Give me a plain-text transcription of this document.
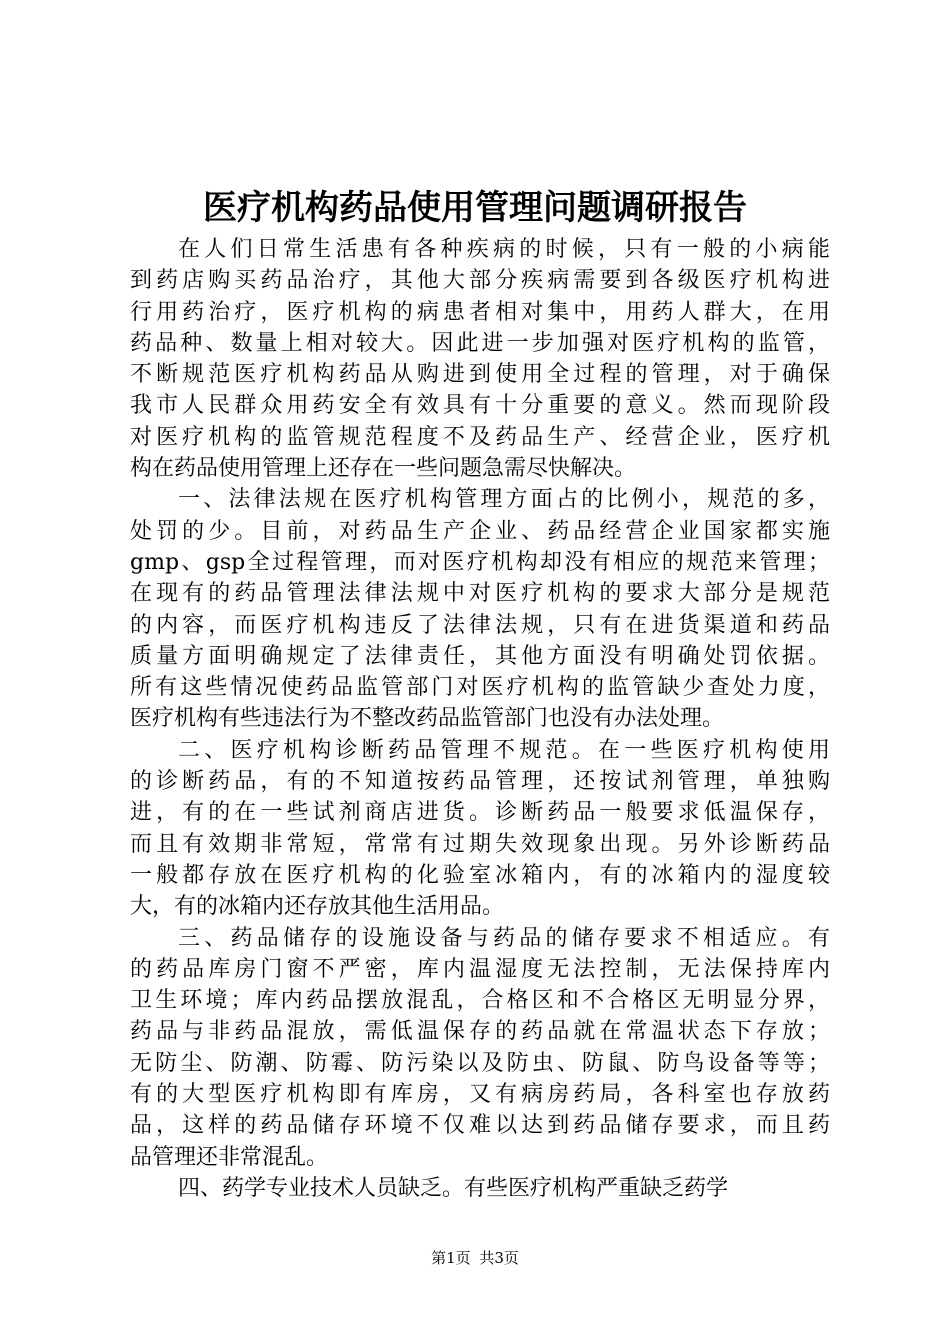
医疗机构药品使用管理问题调研报告
在人们日常生活患有各种疾病的时候，只有一般的小病能
到药店购买药品治疗，其他大部分疾病需要到各级医疗机构进
行用药治疗，医疗机构的病患者相对集中，用药人群大，在用
药品种、数量上相对较大。因此进一步加强对医疗机构的监管，
不断规范医疗机构药品从购进到使用全过程的管理，对于确保
我市人民群众用药安全有效具有十分重要的意义。然而现阶段
对医疗机构的监管规范程度不及药品生产、经营企业，医疗机
构在药品使用管理上还存在一些问题急需尽快解决。
一、法律法规在医疗机构管理方面占的比例小，规范的多，
处罚的少。目前，对药品生产企业、药品经营企业国家都实施
gmp、gsp全过程管理，而对医疗机构却没有相应的规范来管理；
在现有的药品管理法律法规中对医疗机构的要求大部分是规范
的内容，而医疗机构违反了法律法规，只有在进货渠道和药品
质量方面明确规定了法律责任，其他方面没有明确处罚依据。
所有这些情况使药品监管部门对医疗机构的监管缺少查处力度，
医疗机构有些违法行为不整改药品监管部门也没有办法处理。
二、医疗机构诊断药品管理不规范。在一些医疗机构使用
的诊断药品，有的不知道按药品管理，还按试剂管理，单独购
进，有的在一些试剂商店进货。诊断药品一般要求低温保存，
而且有效期非常短，常常有过期失效现象出现。另外诊断药品
一般都存放在医疗机构的化验室冰箱内，有的冰箱内的湿度较
大，有的冰箱内还存放其他生活用品。
三、药品储存的设施设备与药品的储存要求不相适应。有
的药品库房门窗不严密，库内温湿度无法控制，无法保持库内
卫生环境；库内药品摆放混乱，合格区和不合格区无明显分界，
药品与非药品混放，需低温保存的药品就在常温状态下存放；
无防尘、防潮、防霉、防污染以及防虫、防鼠、防鸟设备等等；
有的大型医疗机构即有库房，又有病房药局，各科室也存放药
品，这样的药品储存环境不仅难以达到药品储存要求，而且药
品管理还非常混乱。
四、药学专业技术人员缺乏。有些医疗机构严重缺乏药学
第1页 共3页
